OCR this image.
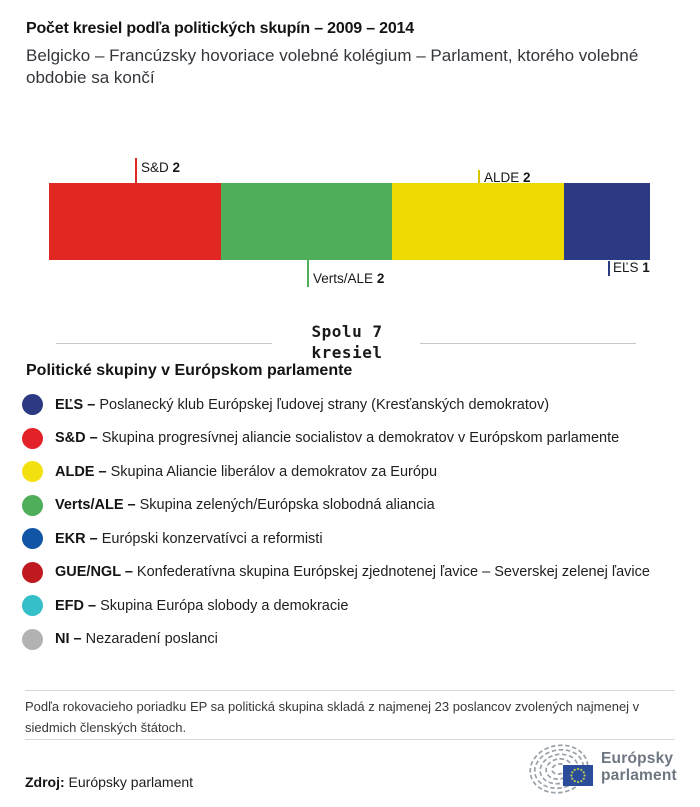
Počet kresiel podľa politických skupín – 2009 – 2014

Belgicko – Francúzsky hovoriace volebné kolégium – Parlament, ktorého volebné obdobie sa končí

S&D 2
ALDE 2
Verts/ALE 2
EĽS 1
Spolu 7
kresiel
Politické skupiny v Európskom parlamente
EĽS – Poslanecký klub Európskej ľudovej strany (Kresťanských demokratov)
S&D – Skupina progresívnej aliancie socialistov a demokratov v Európskom parlamente
ALDE – Skupina Aliancie liberálov a demokratov za Európu
Verts/ALE – Skupina zelených/Európska slobodná aliancia
EKR – Európski konzervatívci a reformisti
GUE/NGL – Konfederatívna skupina Európskej zjednotenej ľavice – Severskej zelenej ľavice
EFD – Skupina Európa slobody a demokracie
NI – Nezaradení poslanci

Podľa rokovacieho poriadku EP sa politická skupina skladá z najmenej 23 poslancov zvolených najmenej v siedmich členských štátoch.

Zdroj: Európsky parlament

Európsky
parlament
